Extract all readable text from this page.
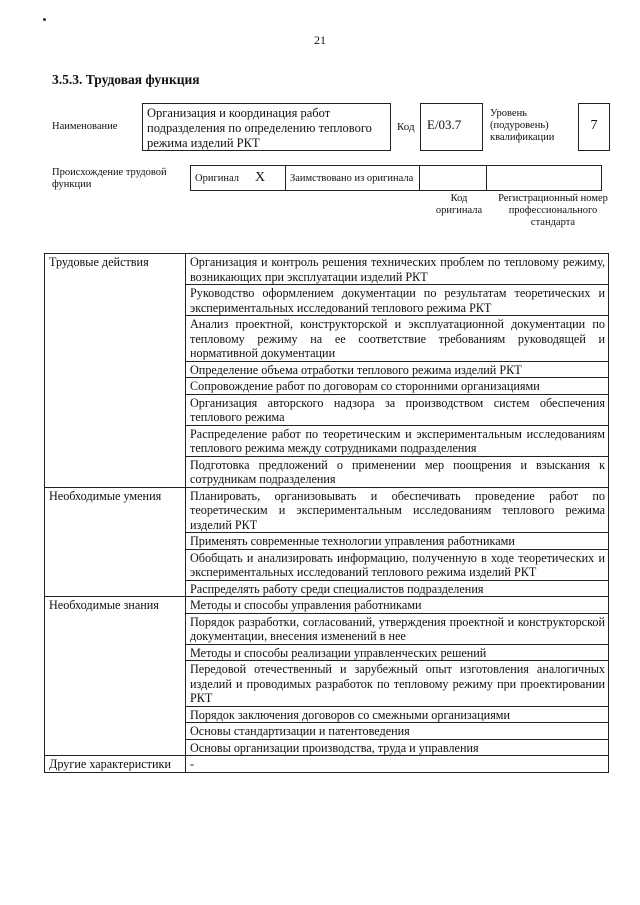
21
3.5.3. Трудовая функция
Наименование
Организация и координация работ подразделения по определению теплового режима изделий РКТ
Код E/03.7
Уровень (подуровень) квалификации
7
Происхождение трудовой функции
Оригинал	X	Заимствовано из оригинала		
Код оригинала
Регистрационный номер профессионального стандарта
Трудовые действия	Организация и контроль решения технических проблем по тепловому режиму, возникающих при эксплуатации изделий РКТ
	Руководство оформлением документации по результатам теоретических и экспериментальных исследований теплового режима РКТ
	Анализ проектной, конструкторской и эксплуатационной документации по тепловому режиму на ее соответствие требованиям руководящей и нормативной документации
	Определение объема отработки теплового режима изделий РКТ
	Сопровождение работ по договорам со сторонними организациями
	Организация авторского надзора за производством систем обеспечения теплового режима
	Распределение работ по теоретическим и экспериментальным исследованиям теплового режима между сотрудниками подразделения
	Подготовка предложений о применении мер поощрения и взыскания к сотрудникам подразделения
Необходимые умения	Планировать, организовывать и обеспечивать проведение работ по теоретическим и экспериментальным исследованиям теплового режима изделий РКТ
	Применять современные технологии управления работниками
	Обобщать и анализировать информацию, полученную в ходе теоретических и экспериментальных исследований теплового режима изделий РКТ
	Распределять работу среди специалистов подразделения
Необходимые знания	Методы и способы управления работниками
	Порядок разработки, согласований, утверждения проектной и конструкторской документации, внесения изменений в нее
	Методы и способы реализации управленческих решений
	Передовой отечественный и зарубежный опыт изготовления аналогичных изделий и проводимых разработок по тепловому режиму при проектировании РКТ
	Порядок заключения договоров со смежными организациями
	Основы стандартизации и патентоведения
	Основы организации производства, труда и управления
Другие характеристики	-
